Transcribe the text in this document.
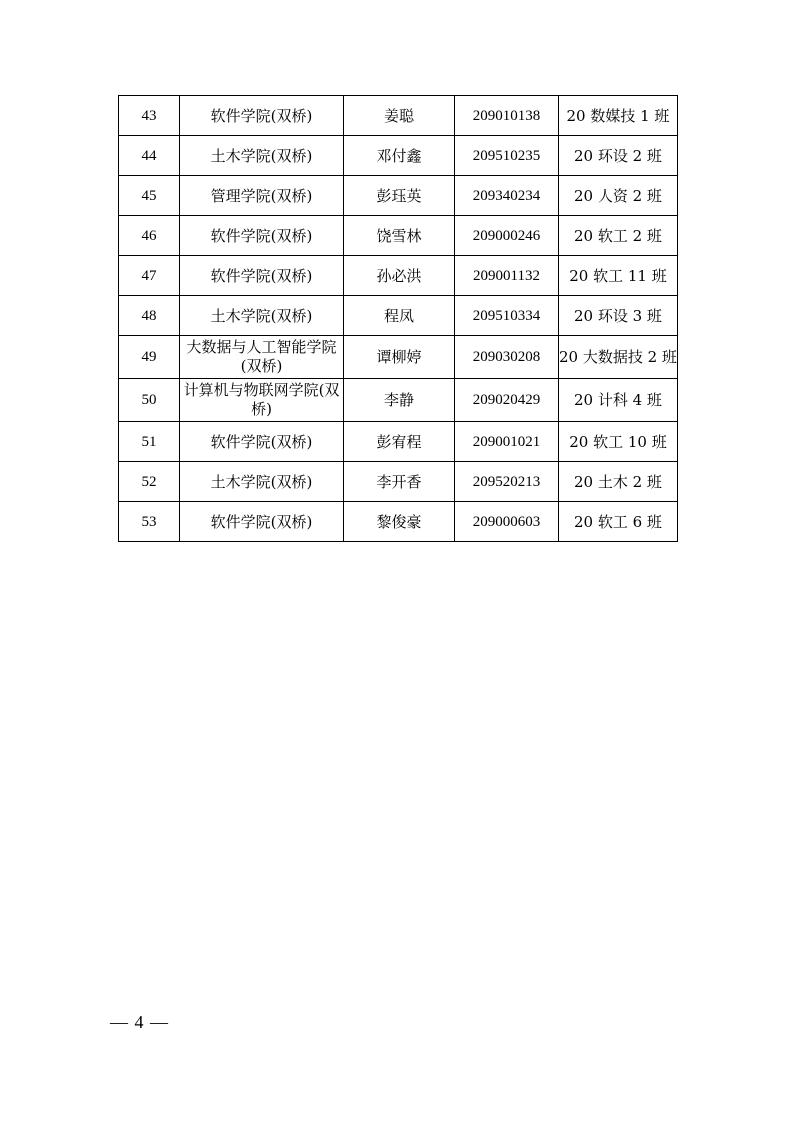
43	软件学院(双桥)	姜聪	209010138	20 数媒技 1 班
44	土木学院(双桥)	邓付鑫	209510235	20 环设 2 班
45	管理学院(双桥)	彭珏英	209340234	20 人资 2 班
46	软件学院(双桥)	饶雪林	209000246	20 软工 2 班
47	软件学院(双桥)	孙必洪	209001132	20 软工 11 班
48	土木学院(双桥)	程凤	209510334	20 环设 3 班
49	大数据与人工智能学院(双桥)	谭柳婷	209030208	20 大数据技 2 班
50	计算机与物联网学院(双桥)	李静	209020429	20 计科 4 班
51	软件学院(双桥)	彭宥程	209001021	20 软工 10 班
52	土木学院(双桥)	李开香	209520213	20 土木 2 班
53	软件学院(双桥)	黎俊豪	209000603	20 软工 6 班
— 4 —
